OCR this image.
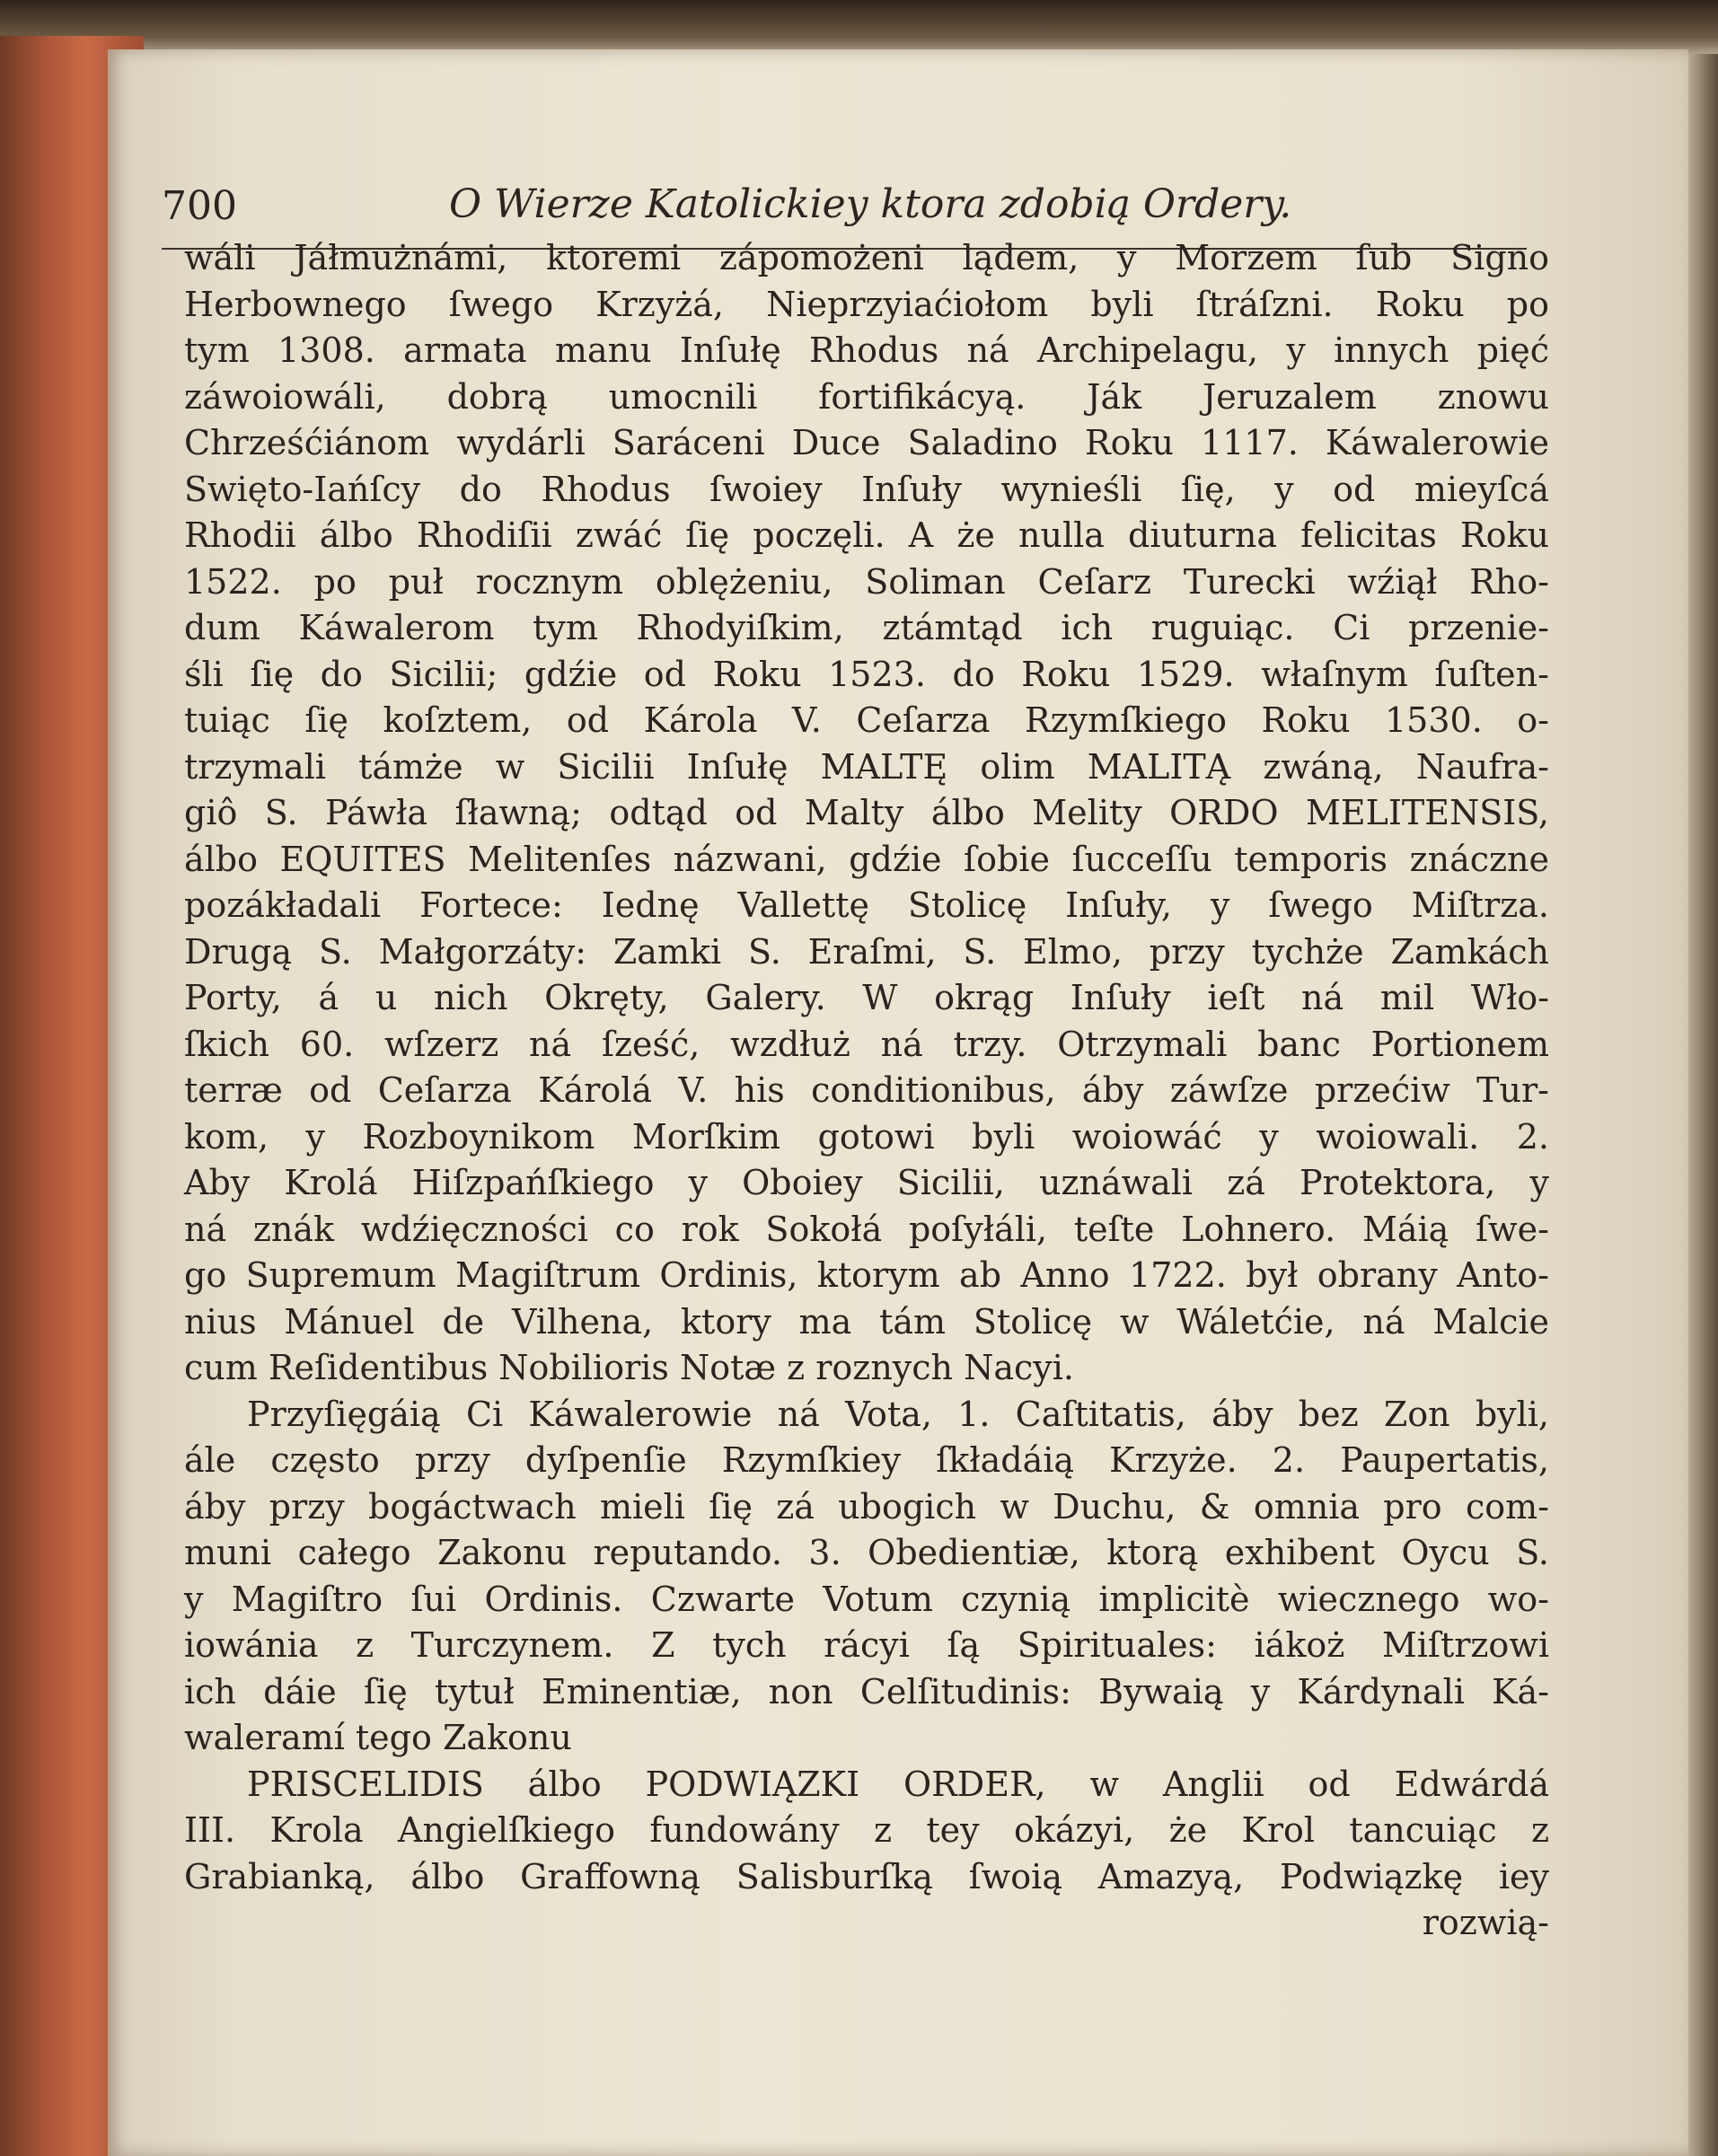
700	O Wierze Katolickiey ktora zdobią Ordery.
wáli Jáłmużnámi, ktoremi zápomożeni lądem, y Morzem ſub Signo
Herbownego ſwego Krzyżá, Nieprzyiaćiołom byli ſtráſzni. Roku po
tym 1308. armata manu Inſułę Rhodus ná Archipelagu, y innych pięć
záwoiowáli, dobrą umocnili fortifikácyą. Ják Jeruzalem znowu
Chrześćiánom wydárli Saráceni Duce Saladino Roku 1117. Káwalerowie
Swięto-Iańſcy do Rhodus ſwoiey Inſuły wynieśli ſię, y od mieyſcá
Rhodii álbo Rhodiſii zwáć ſię poczęli. A że nulla diuturna felicitas Roku
1522. po puł rocznym oblężeniu, Soliman Ceſarz Turecki wźiął Rho-
dum Káwalerom tym Rhodyiſkim, ztámtąd ich ruguiąc. Ci przenie-
śli ſię do Sicilii; gdźie od Roku 1523. do Roku 1529. właſnym ſuſten-
tuiąc ſię koſztem, od Károla V. Ceſarza Rzymſkiego Roku 1530. o-
trzymali támże w Sicilii Inſułę MALTĘ olim MALITĄ zwáną, Naufra-
giô S. Páwła ſławną; odtąd od Malty álbo Melity ORDO MELITENSIS,
álbo EQUITES Melitenſes názwani, gdźie ſobie ſucceſſu temporis znáczne
pozákładali Fortece: Iednę Vallettę Stolicę Inſuły, y ſwego Miſtrza.
Drugą S. Małgorzáty: Zamki S. Eraſmi, S. Elmo, przy tychże Zamkách
Porty, á u nich Okręty, Galery. W okrąg Inſuły ieſt ná mil Wło-
ſkich 60. wſzerz ná ſześć, wzdłuż ná trzy. Otrzymali banc Portionem
terræ od Ceſarza Károlá V. his conditionibus, áby záwſze przećiw Tur-
kom, y Rozboynikom Morſkim gotowi byli woiowáć y woiowali. 2.
Aby Krolá Hiſzpańſkiego y Oboiey Sicilii, uznáwali zá Protektora, y
ná znák wdźięczności co rok Sokołá poſyłáli, teſte Lohnero. Máią ſwe-
go Supremum Magiſtrum Ordinis, ktorym ab Anno 1722. był obrany Anto-
nius Mánuel de Vilhena, ktory ma tám Stolicę w Wáletćie, ná Malcie
cum Reſidentibus Nobilioris Notæ z roznych Nacyi.
Przyſięgáią Ci Káwalerowie ná Vota, 1. Caſtitatis, áby bez Zon byli,
ále często przy dyſpenſie Rzymſkiey ſkładáią Krzyże. 2. Paupertatis,
áby przy bogáctwach mieli ſię zá ubogich w Duchu, & omnia pro com-
muni całego Zakonu reputando. 3. Obedientiæ, ktorą exhibent Oycu S.
y Magiſtro ſui Ordinis. Czwarte Votum czynią implicitè wiecznego wo-
iowánia z Turczynem. Z tych rácyi ſą Spirituales: iákoż Miſtrzowi
ich dáie ſię tytuł Eminentiæ, non Celſitudinis: Bywaią y Kárdynali Ká-
waleramí tego Zakonu
PRISCELIDIS álbo PODWIĄZKI ORDER, w Anglii od Edwárdá
III. Krola Angielſkiego fundowány z tey okázyi, że Krol tancuiąc z
Grabianką, álbo Graffowną Salisburſką ſwoią Amazyą, Podwiązkę iey
rozwią-
